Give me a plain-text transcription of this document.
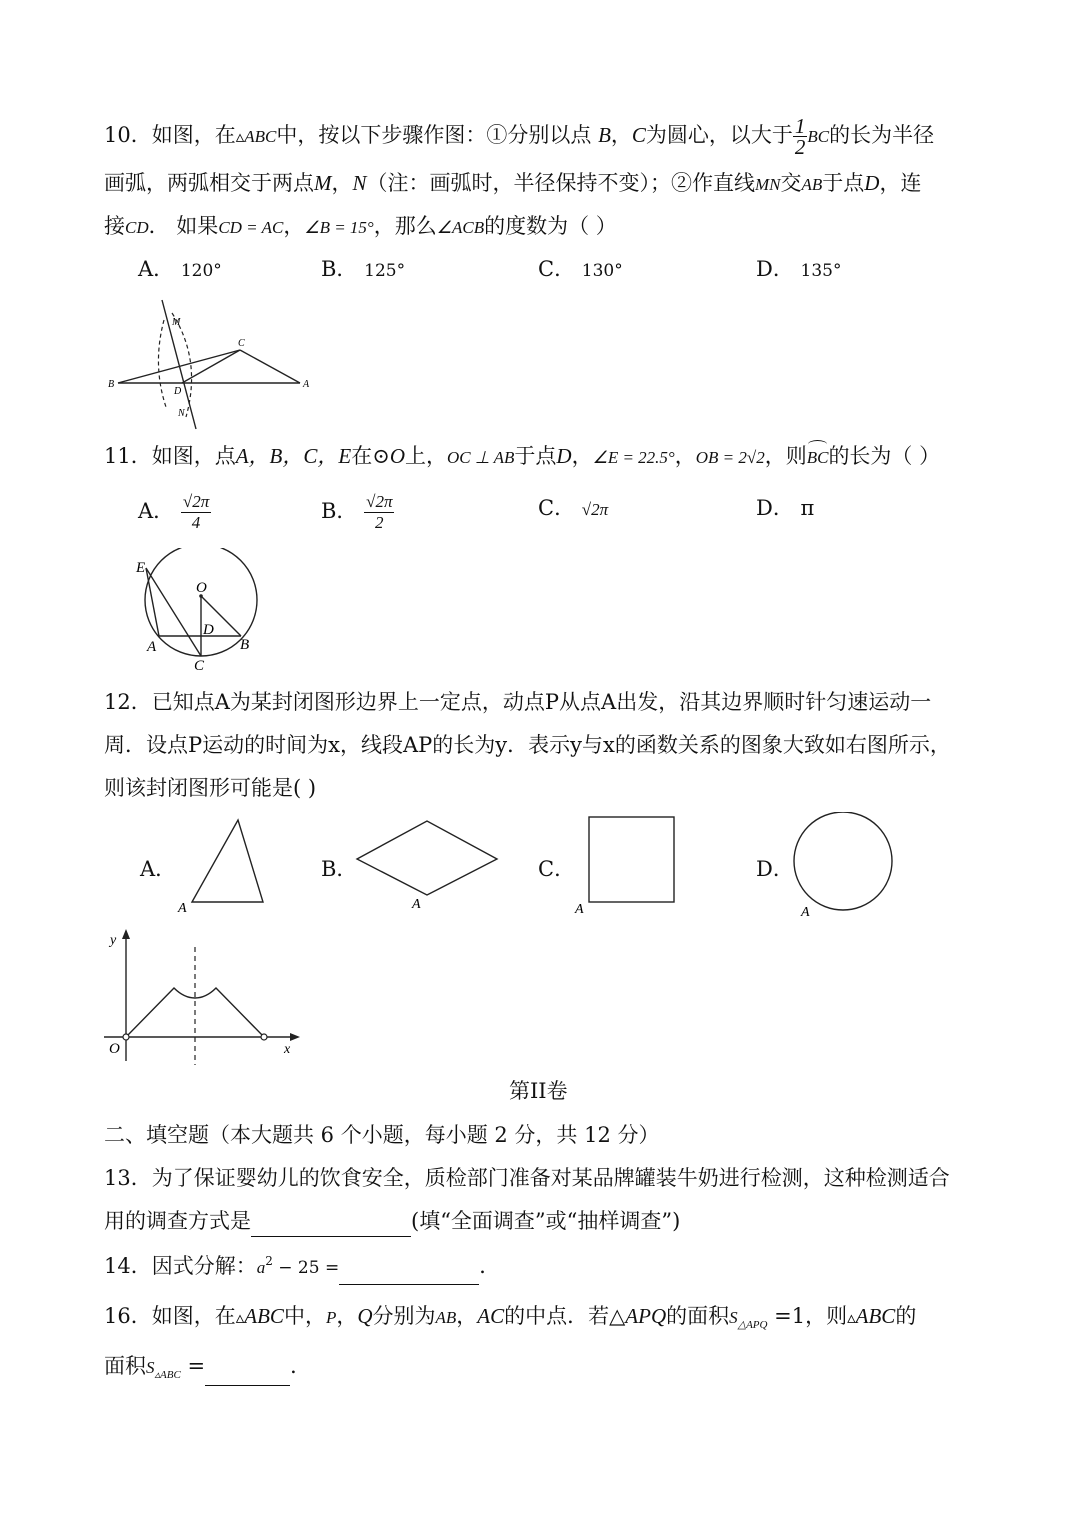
10．如图，在▵ABC中，按以下步骤作图：①分别以点 B，C为圆心，以大于 $\frac{1}{2}$ BC的长为半径
画弧，两弧相交于两点M，N（注：画弧时，半径保持不变）；②作直线MN交AB于点D，连
接CD． 如果CD = AC，∠B = 15°，那么∠ACB的度数为（ ）
A． 120°	B． 125°	C． 130°	D． 135°
B	A
C
D
M
N
11．如图，点A，B，C，E在⊙O上，OC ⊥ AB于点D，∠E = 22.5°，OB = 2√2，则BC的长为（ ）
A． $\frac{√2\pi}{4}$	B． $\frac{√2\pi}{2}$	C． √2π	D． π
E
O
D
A	B
C
12．已知点A为某封闭图形边界上一定点，动点P从点A出发，沿其边界顺时针匀速运动一
周．设点P运动的时间为x，线段AP的长为y．表示y与x的函数关系的图象大致如右图所示，
则该封闭图形可能是( )
A．
A
B．
A
C．
A
D．
A
y
x
O
第II卷
二、填空题（本大题共 6 个小题，每小题 2 分，共 12 分）
13．为了保证婴幼儿的饮食安全，质检部门准备对某品牌罐装牛奶进行检测，这种检测适合
用的调查方式是	(填“全面调查”或“抽样调查”)
14．因式分解：$a^2 - 25$ =	．
16．如图，在▵ABC中，P，Q分别为AB，AC的中点．若△APQ的面积$S_{\triangle APQ} =1$，则▵ABC的
面积$S_{▵ABC}$ =	．
